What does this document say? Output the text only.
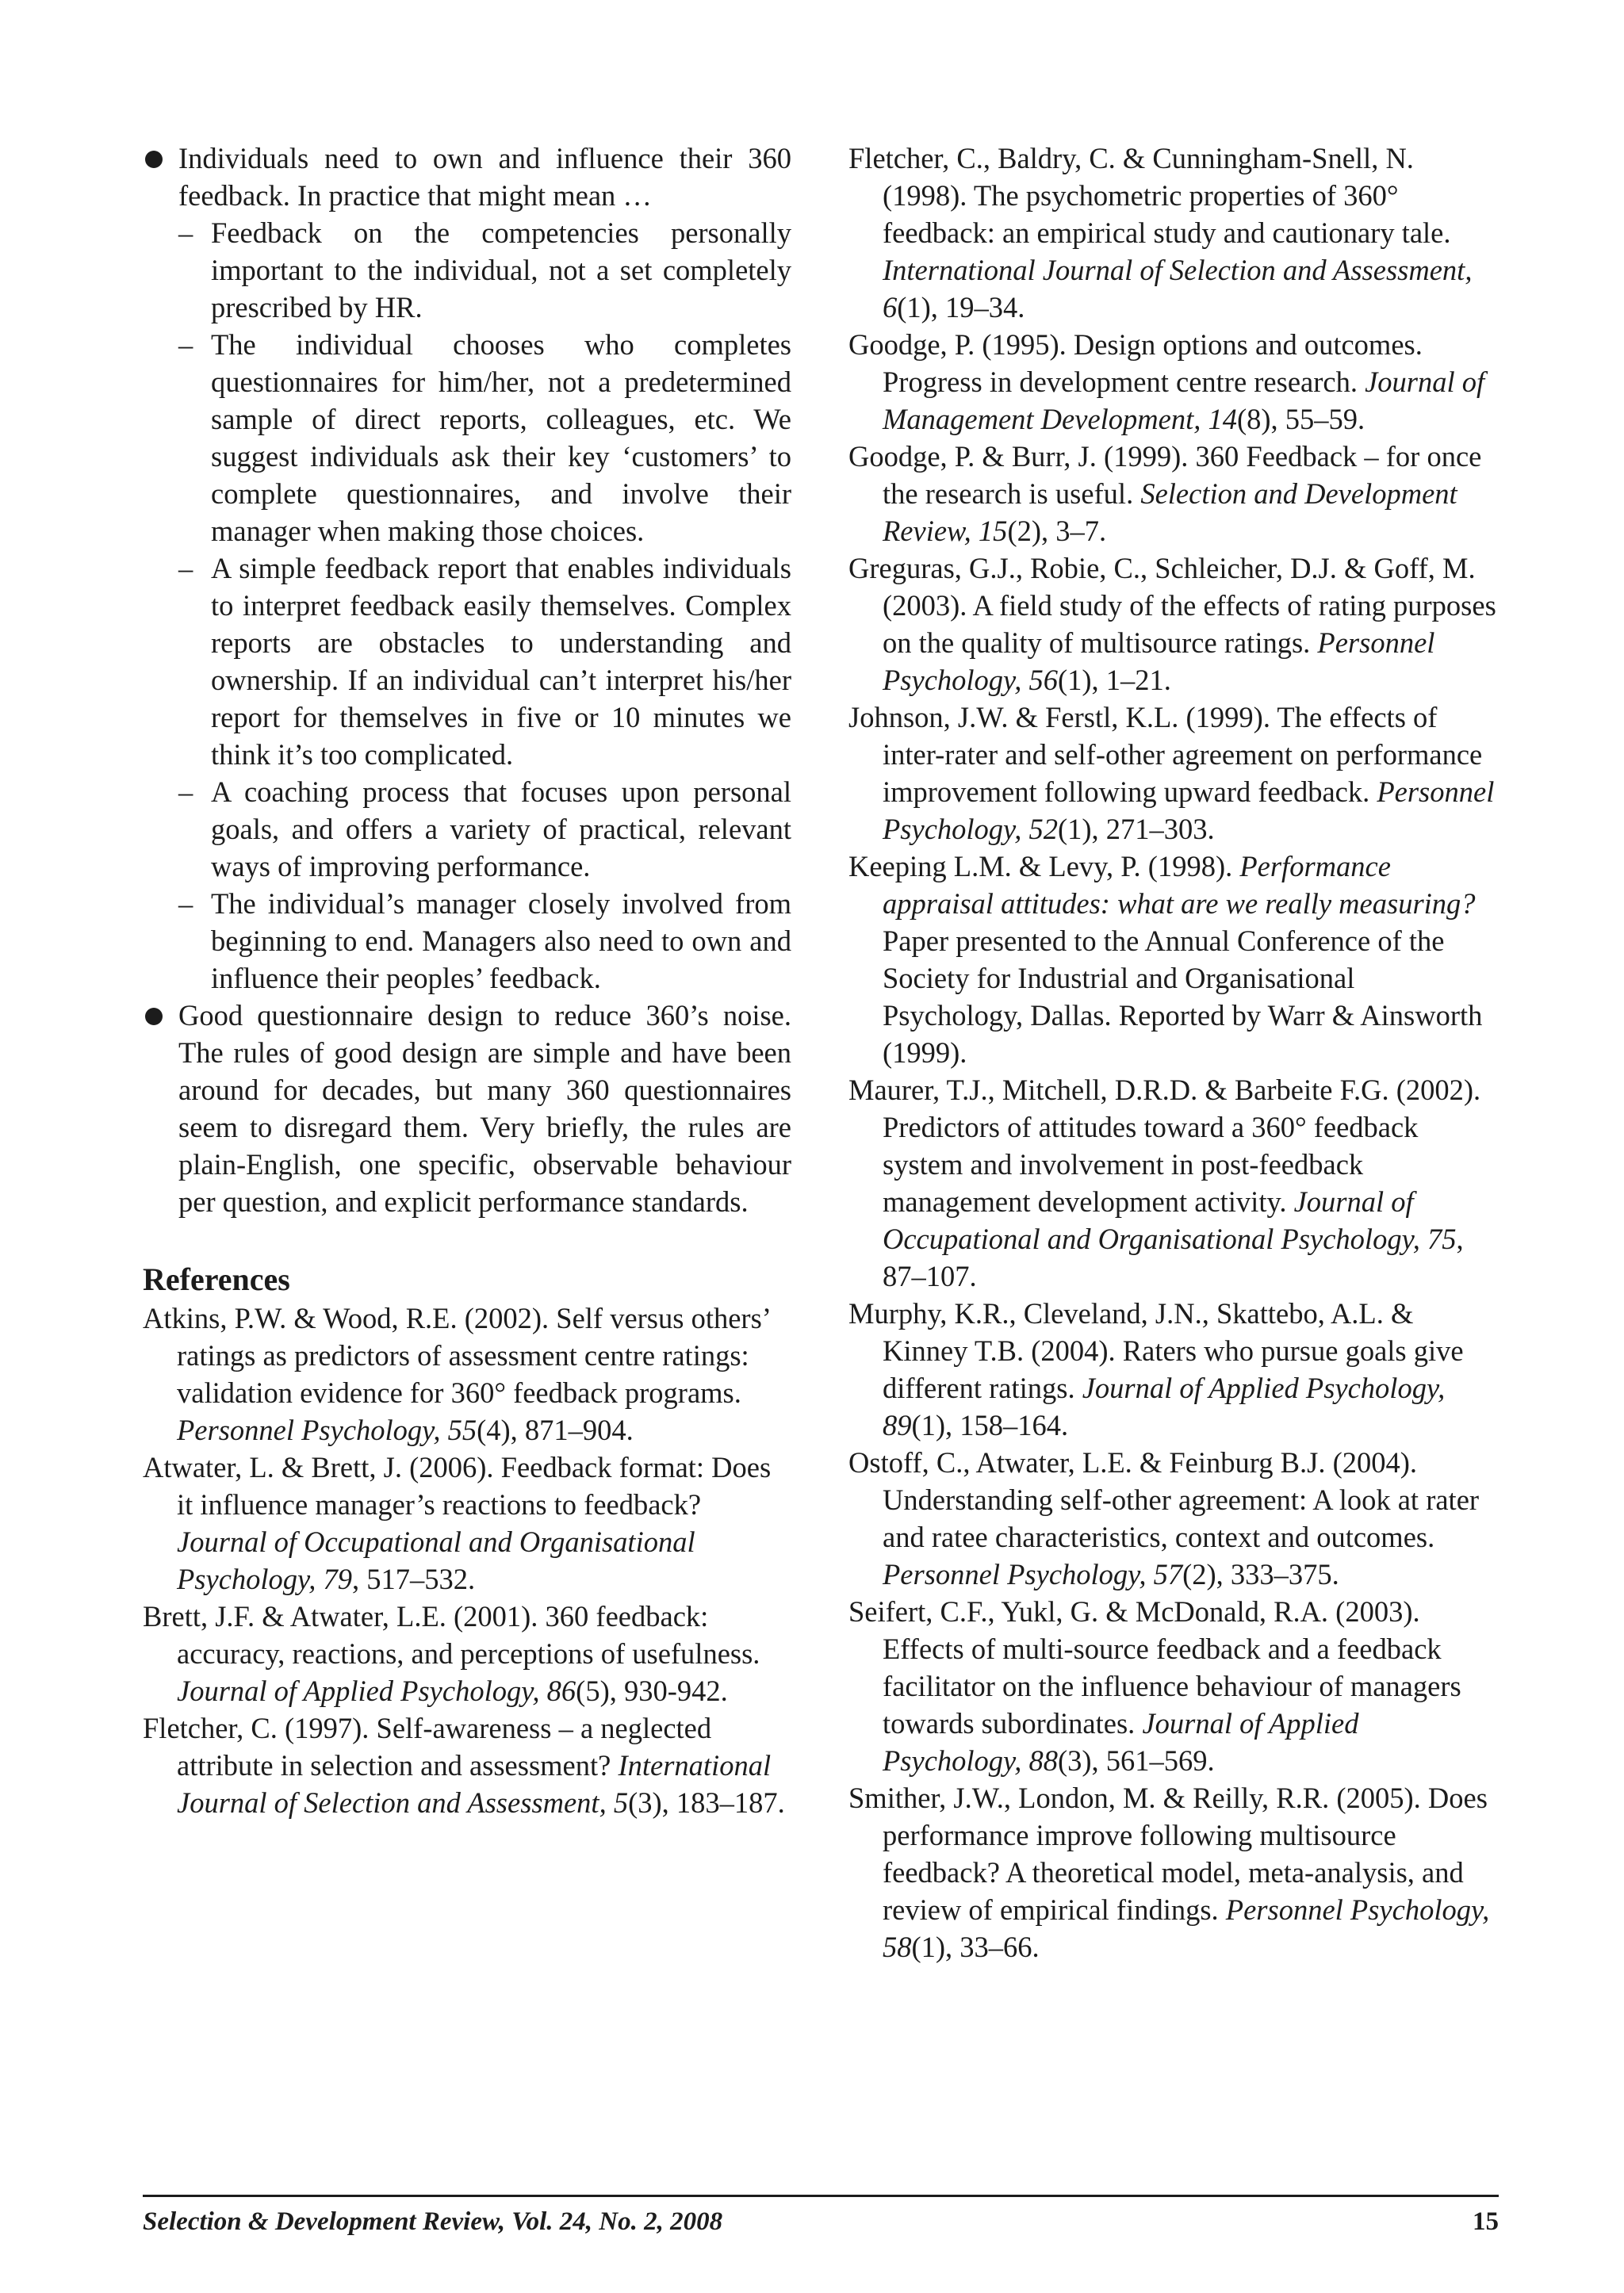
Individuals need to own and influence their 360 feedback. In practice that might mean …
– Feedback on the competencies personally important to the individual, not a set completely prescribed by HR.
– The individual chooses who completes questionnaires for him/her, not a predetermined sample of direct reports, colleagues, etc. We suggest individuals ask their key ‘customers’ to complete questionnaires, and involve their manager when making those choices.
– A simple feedback report that enables individuals to interpret feedback easily themselves. Complex reports are obstacles to understanding and ownership. If an individual can’t interpret his/her report for themselves in five or 10 minutes we think it’s too complicated.
– A coaching process that focuses upon personal goals, and offers a variety of practical, relevant ways of improving performance.
– The individual’s manager closely involved from beginning to end. Managers also need to own and influence their peoples’ feedback.
Good questionnaire design to reduce 360’s noise. The rules of good design are simple and have been around for decades, but many 360 questionnaires seem to disregard them. Very briefly, the rules are plain-English, one specific, observable behaviour per question, and explicit performance standards.
References
Atkins, P.W. & Wood, R.E. (2002). Self versus others’ ratings as predictors of assessment centre ratings: validation evidence for 360° feedback programs. Personnel Psychology, 55(4), 871–904.
Atwater, L. & Brett, J. (2006). Feedback format: Does it influence manager’s reactions to feedback? Journal of Occupational and Organisational Psychology, 79, 517–532.
Brett, J.F. & Atwater, L.E. (2001). 360 feedback: accuracy, reactions, and perceptions of usefulness. Journal of Applied Psychology, 86(5), 930-942.
Fletcher, C. (1997). Self-awareness – a neglected attribute in selection and assessment? International Journal of Selection and Assessment, 5(3), 183–187.
Fletcher, C., Baldry, C. & Cunningham-Snell, N. (1998). The psychometric properties of 360° feedback: an empirical study and cautionary tale. International Journal of Selection and Assessment, 6(1), 19–34.
Goodge, P. (1995). Design options and outcomes. Progress in development centre research. Journal of Management Development, 14(8), 55–59.
Goodge, P. & Burr, J. (1999). 360 Feedback – for once the research is useful. Selection and Development Review, 15(2), 3–7.
Greguras, G.J., Robie, C., Schleicher, D.J. & Goff, M. (2003). A field study of the effects of rating purposes on the quality of multisource ratings. Personnel Psychology, 56(1), 1–21.
Johnson, J.W. & Ferstl, K.L. (1999). The effects of inter-rater and self-other agreement on performance improvement following upward feedback. Personnel Psychology, 52(1), 271–303.
Keeping L.M. & Levy, P. (1998). Performance appraisal attitudes: what are we really measuring? Paper presented to the Annual Conference of the Society for Industrial and Organisational Psychology, Dallas. Reported by Warr & Ainsworth (1999).
Maurer, T.J., Mitchell, D.R.D. & Barbeite F.G. (2002). Predictors of attitudes toward a 360° feedback system and involvement in post-feedback management development activity. Journal of Occupational and Organisational Psychology, 75, 87–107.
Murphy, K.R., Cleveland, J.N., Skattebo, A.L. & Kinney T.B. (2004). Raters who pursue goals give different ratings. Journal of Applied Psychology, 89(1), 158–164.
Ostoff, C., Atwater, L.E. & Feinburg B.J. (2004). Understanding self-other agreement: A look at rater and ratee characteristics, context and outcomes. Personnel Psychology, 57(2), 333–375.
Seifert, C.F., Yukl, G. & McDonald, R.A. (2003). Effects of multi-source feedback and a feedback facilitator on the influence behaviour of managers towards subordinates. Journal of Applied Psychology, 88(3), 561–569.
Smither, J.W., London, M. & Reilly, R.R. (2005). Does performance improve following multisource feedback? A theoretical model, meta-analysis, and review of empirical findings. Personnel Psychology, 58(1), 33–66.
Selection & Development Review, Vol. 24, No. 2, 2008	15
